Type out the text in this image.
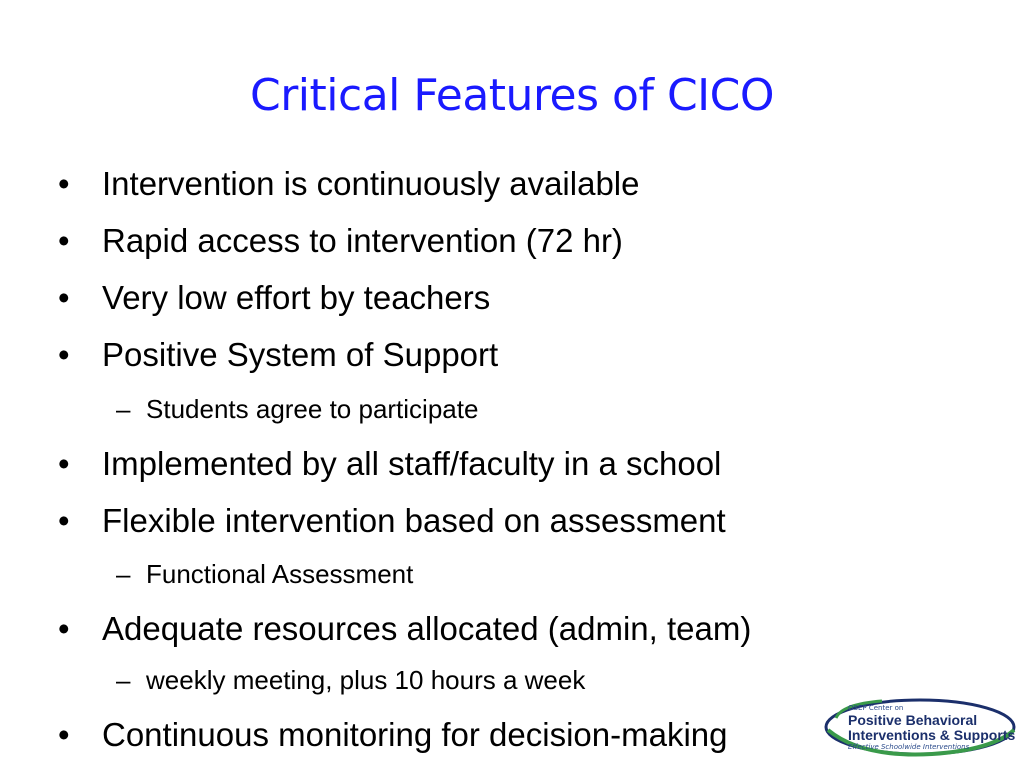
Critical Features of CICO
• Intervention is continuously available
• Rapid access to intervention (72 hr)
• Very low effort by teachers
• Positive System of Support
– Students agree to participate
• Implemented by all staff/faculty in a school
• Flexible intervention based on assessment
– Functional Assessment
• Adequate resources allocated (admin, team)
– weekly meeting, plus 10 hours a week
• Continuous monitoring for decision-making
OSEP Center on
Positive Behavioral
Interventions & Supports
Effective Schoolwide Interventions
